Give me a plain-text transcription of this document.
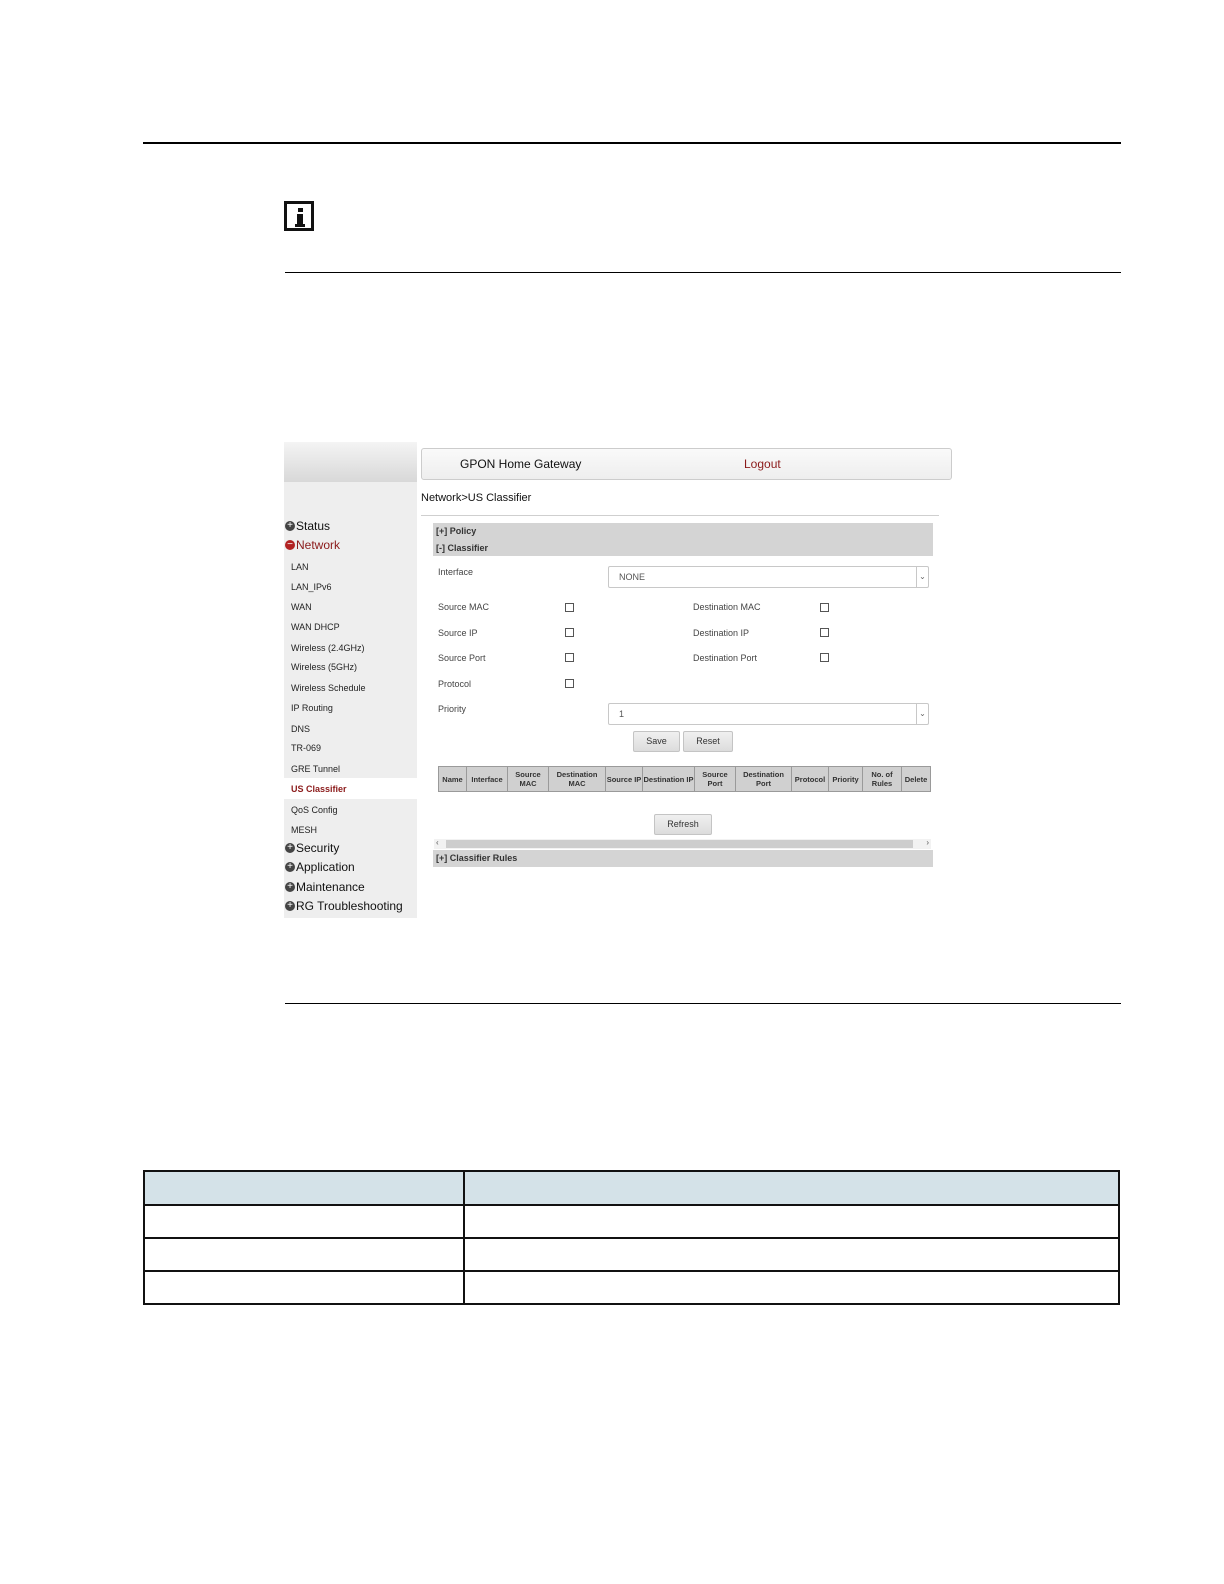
+ Status
− Network
LAN
LAN_IPv6
WAN
WAN DHCP
Wireless (2.4GHz)
Wireless (5GHz)
Wireless Schedule
IP Routing
DNS
TR-069
GRE Tunnel
US Classifier
QoS Config
MESH
+ Security
+ Application
+ Maintenance
+ RG Troubleshooting
GPON Home Gateway	Logout
Network>US Classifier
[+] Policy
[-] Classifier
Interface	NONE	⌄
Source MAC	Destination MAC
Source IP	Destination IP
Source Port	Destination Port
Protocol
Priority	1	⌄
Save	Reset
Name	Interface	Source MAC	Destination MAC	Source IP	Destination IP	Source Port	Destination Port	Protocol	Priority	No. of Rules	Delete
Refresh
‹	›
[+] Classifier Rules
